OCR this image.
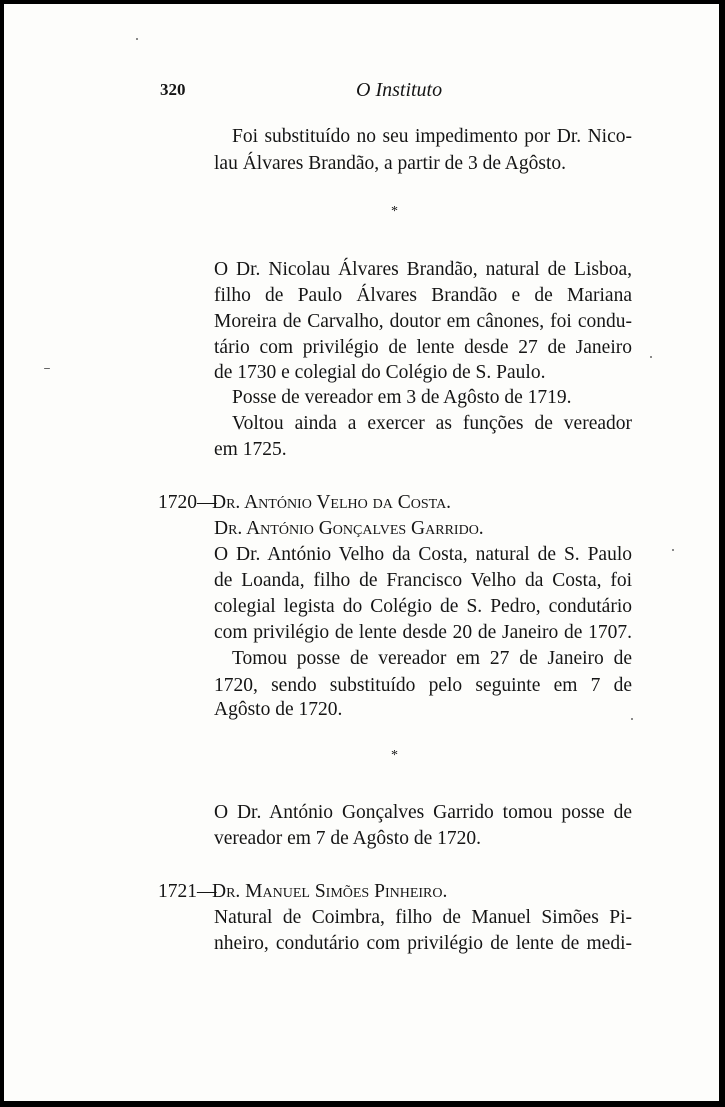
320	O Instituto
Foi substituído no seu impedimento por Dr. Nico-
lau Álvares Brandão, a partir de 3 de Agôsto.
*
O Dr. Nicolau Álvares Brandão, natural de Lisboa,
filho de Paulo Álvares Brandão e de Mariana
Moreira de Carvalho, doutor em cânones, foi condu-
tário com privilégio de lente desde 27 de Janeiro
de 1730 e colegial do Colégio de S. Paulo.
Posse de vereador em 3 de Agôsto de 1719.
Voltou ainda a exercer as funções de vereador
em 1725.
1720—
Dr. António Velho da Costa.
Dr. António Gonçalves Garrido.
O Dr. António Velho da Costa, natural de S. Paulo
de Loanda, filho de Francisco Velho da Costa, foi
colegial legista do Colégio de S. Pedro, condutário
com privilégio de lente desde 20 de Janeiro de 1707.
Tomou posse de vereador em 27 de Janeiro de
1720, sendo substituído pelo seguinte em 7 de
Agôsto de 1720.
*
O Dr. António Gonçalves Garrido tomou posse de
vereador em 7 de Agôsto de 1720.
1721—
Dr. Manuel Simões Pinheiro.
Natural de Coimbra, filho de Manuel Simões Pi-
nheiro, condutário com privilégio de lente de medi-
